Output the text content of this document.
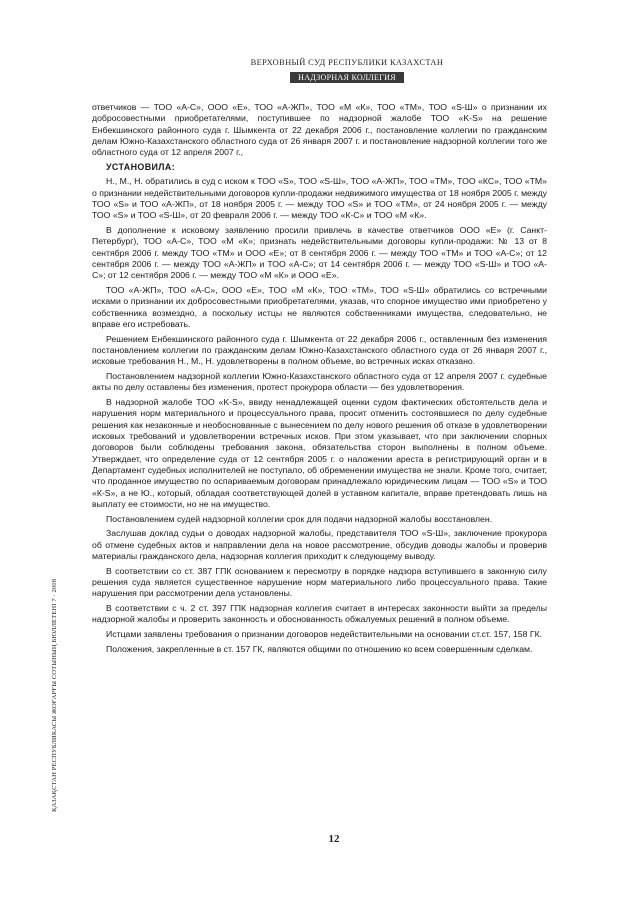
ВЕРХОВНЫЙ СУД РЕСПУБЛИКИ КАЗАХСТАН
НАДЗОРНАЯ КОЛЛЕГИЯ
ҚАЗАҚСТАН РЕСПУБЛИКАСЫ ЖОҒАРҒЫ СОТЫНЫҢ БЮЛЛЕТЕНІ 7 · 2008

ответчиков — ТОО «А-С», ООО «Е», ТОО «А-ЖП», ТОО «М «К», ТОО «ТМ», ТОО «S-Ш» о признании их добросовестными приобретателями, поступившее по надзорной жалобе ТОО «K-S» на решение Енбекшинского районного суда г. Шымкента от 22 декабря 2006 г., постановление коллегии по гражданским делам Южно-Казахстанского областного суда от 26 января 2007 г. и постановление надзорной коллегии того же областного суда от 12 апреля 2007 г.,

УСТАНОВИЛА:

Н., М., Н. обратились в суд с иском к ТОО «S», ТОО «S-Ш», ТОО «А-ЖП», ТОО «ТМ», ТОО «КС», ТОО «ТМ» о признании недействительными договоров купли-продажи недвижимого имущества от 18 ноября 2005 г. между ТОО «S» и ТОО «А-ЖП», от 18 ноября 2005 г. — между ТОО «S» и ТОО «ТМ», от 24 ноября 2005 г. — между ТОО «S» и ТОО «S-Ш», от 20 февраля 2006 г. — между ТОО «К-С» и ТОО «М «К».

В дополнение к исковому заявлению просили привлечь в качестве ответчиков ООО «Е» (г. Санкт-Петербург), ТОО «А-С», ТОО «М «К»; признать недействительными договоры купли-продажи: № 13 от 8 сентября 2006 г. между ТОО «ТМ» и ООО «Е»; от 8 сентября 2006 г. — между ТОО «ТМ» и ТОО «А-С»; от 12 сентября 2006 г. — между ТОО «А-ЖП» и ТОО «А-С»; от 14 сентября 2006 г. — между ТОО «S-Ш» и ТОО «А-С»; от 12 сентября 2006 г. — между ТОО «М «К» и ООО «Е».

ТОО «А-ЖП», ТОО «А-С», ООО «Е», ТОО «М «К», ТОО «ТМ», ТОО «S-Ш» обратились со встречными исками о признании их добросовестными приобретателями, указав, что спорное имущество ими приобретено у собственника возмездно, а поскольку истцы не являются собственниками имущества, следовательно, не вправе его истребовать.

Решением Енбекшинского районного суда г. Шымкента от 22 декабря 2006 г., оставленным без изменения постановлением коллегии по гражданским делам Южно-Казахстанского областного суда от 26 января 2007 г., исковые требования Н., М., Н. удовлетворены в полном объеме, во встречных исках отказано.

Постановлением надзорной коллегии Южно-Казахстанского областного суда от 12 апреля 2007 г. судебные акты по делу оставлены без изменения, протест прокурора области — без удовлетворения.

В надзорной жалобе ТОО «K-S», ввиду ненадлежащей оценки судом фактических обстоятельств дела и нарушения норм материального и процессуального права, просит отменить состоявшиеся по делу судебные решения как незаконные и необоснованные с вынесением по делу нового решения об отказе в удовлетворении исковых требований и удовлетворении встречных исков. При этом указывает, что при заключении спорных договоров были соблюдены требования закона, обязательства сторон выполнены в полном объеме. Утверждает, что определение суда от 12 сентября 2005 г. о наложении ареста в регистрирующий орган и в Департамент судебных исполнителей не поступало, об обременении имущества не знали. Кроме того, считает, что проданное имущество по оспариваемым договорам принадлежало юридическим лицам — ТОО «S» и ТОО «К-S», а не Ю., который, обладая соответствующей долей в уставном капитале, вправе претендовать лишь на выплату ее стоимости, но не на имущество.

Постановлением судей надзорной коллегии срок для подачи надзорной жалобы восстановлен.

Заслушав доклад судьи о доводах надзорной жалобы, представителя ТОО «S-Ш», заключение прокурора об отмене судебных актов и направлении дела на новое рассмотрение, обсудив доводы жалобы и проверив материалы гражданского дела, надзорная коллегия приходит к следующему выводу.

В соответствии со ст. 387 ГПК основанием к пересмотру в порядке надзора вступившего в законную силу решения суда является существенное нарушение норм материального либо процессуального права. Такие нарушения при рассмотрении дела установлены.

В соответствии с ч. 2 ст. 397 ГПК надзорная коллегия считает в интересах законности выйти за пределы надзорной жалобы и проверить законность и обоснованность обжалуемых решений в полном объеме.

Истцами заявлены требования о признании договоров недействительными на основании ст.ст. 157, 158 ГК.

Положения, закрепленные в ст. 157 ГК, являются общими по отношению ко всем совершенным сделкам.

12
